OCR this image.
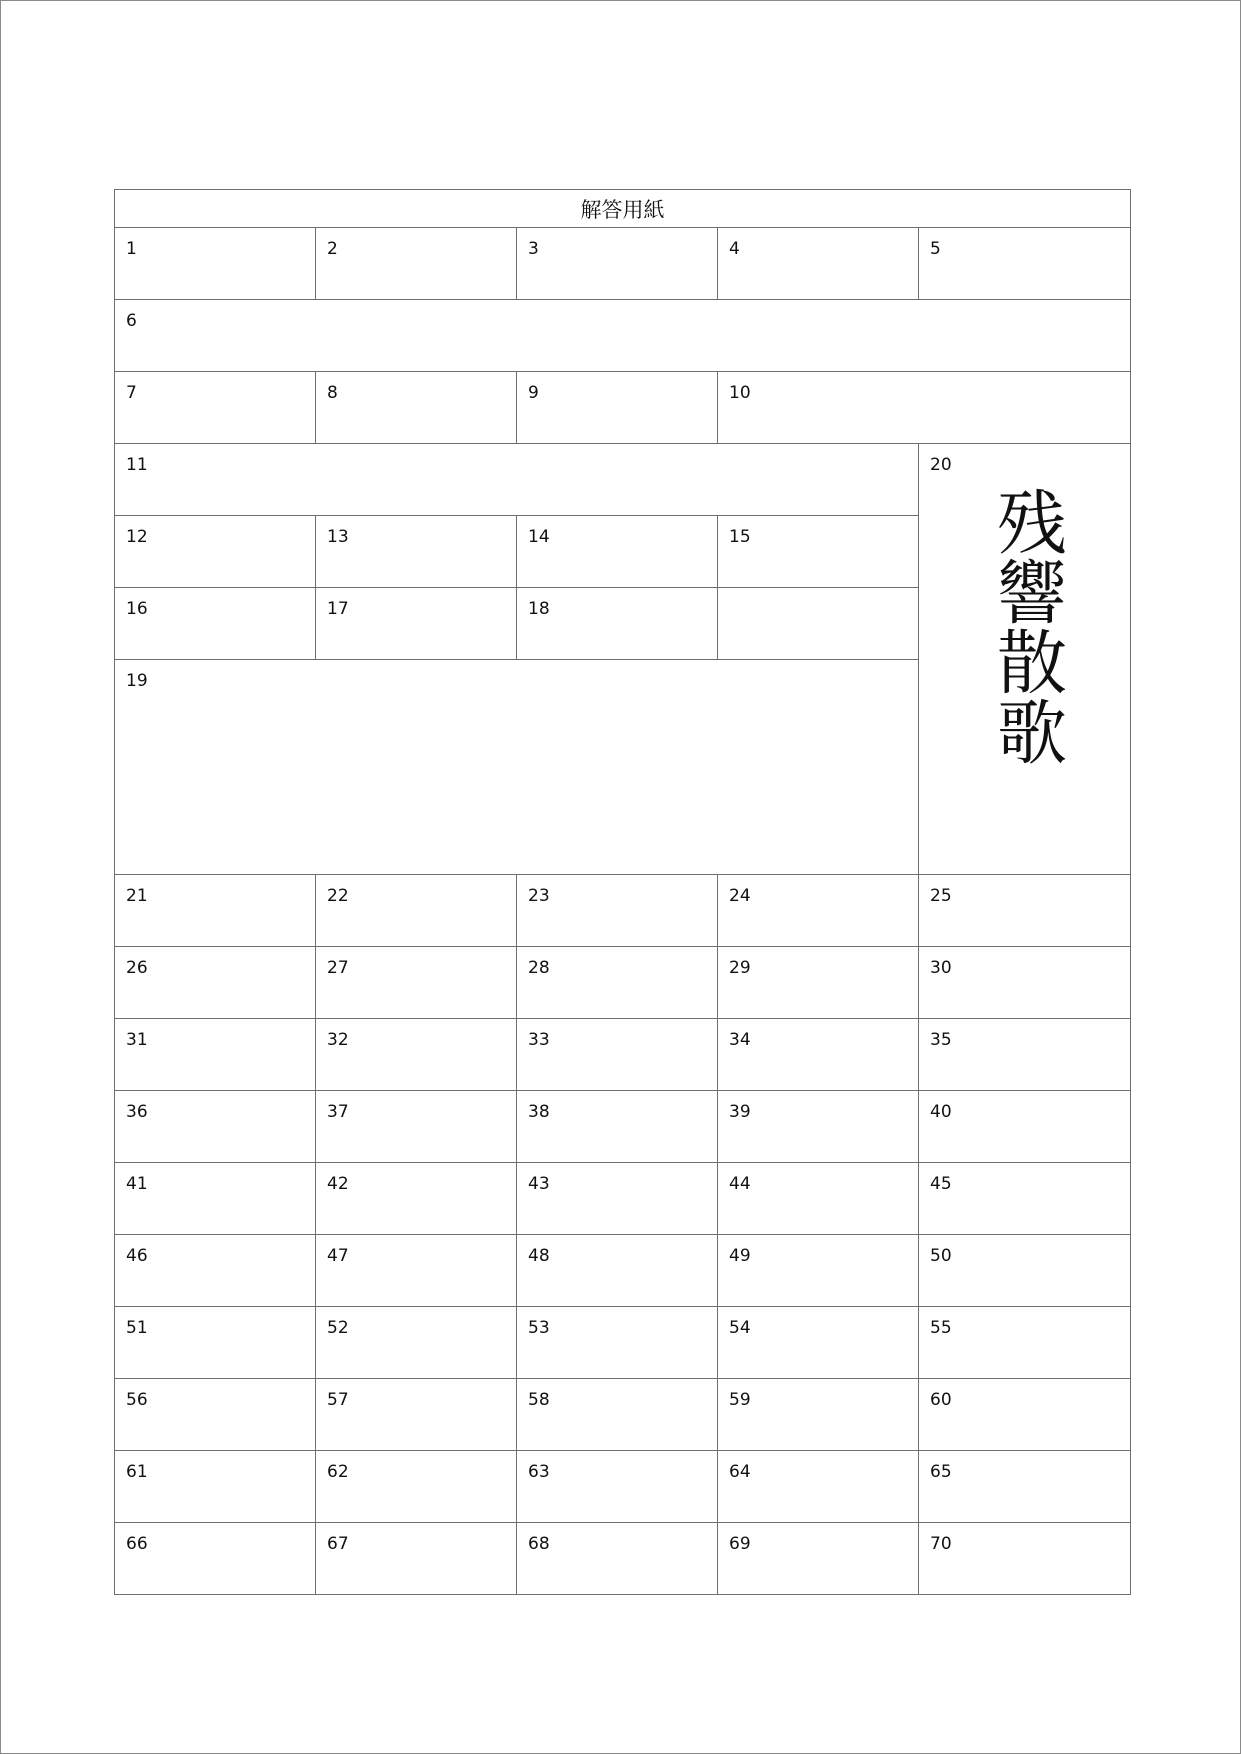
解答用紙				

1	2	3	4	5

6				

7	8	9	10	

11				20
残響散歌

12	13	14	15	

16	17	18		

19				

21	22	23	24	25

26	27	28	29	30

31	32	33	34	35

36	37	38	39	40

41	42	43	44	45

46	47	48	49	50

51	52	53	54	55

56	57	58	59	60

61	62	63	64	65

66	67	68	69	70
